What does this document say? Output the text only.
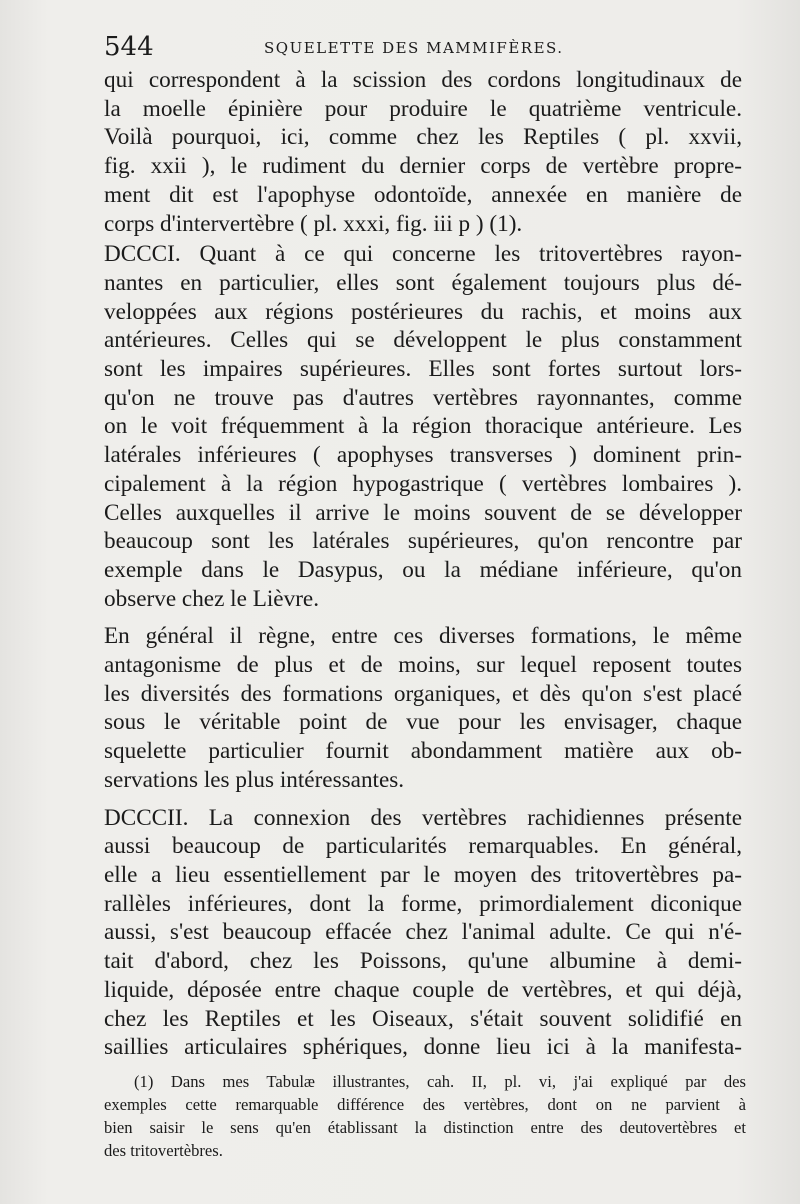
544	SQUELETTE DES MAMMIFÈRES.

qui correspondent à la scission des cordons longitudinaux de
la moelle épinière pour produire le quatrième ventricule.
Voilà pourquoi, ici, comme chez les Reptiles ( pl. xxvii,
fig. xxii ), le rudiment du dernier corps de vertèbre propre-
ment dit est l'apophyse odontoïde, annexée en manière de
corps d'intervertèbre ( pl. xxxi, fig. iii p ) (1).

DCCCI. Quant à ce qui concerne les tritovertèbres rayon-
nantes en particulier, elles sont également toujours plus dé-
veloppées aux régions postérieures du rachis, et moins aux
antérieures. Celles qui se développent le plus constamment
sont les impaires supérieures. Elles sont fortes surtout lors-
qu'on ne trouve pas d'autres vertèbres rayonnantes, comme
on le voit fréquemment à la région thoracique antérieure. Les
latérales inférieures ( apophyses transverses ) dominent prin-
cipalement à la région hypogastrique ( vertèbres lombaires ).
Celles auxquelles il arrive le moins souvent de se développer
beaucoup sont les latérales supérieures, qu'on rencontre par
exemple dans le Dasypus, ou la médiane inférieure, qu'on
observe chez le Lièvre.

En général il règne, entre ces diverses formations, le même
antagonisme de plus et de moins, sur lequel reposent toutes
les diversités des formations organiques, et dès qu'on s'est placé
sous le véritable point de vue pour les envisager, chaque
squelette particulier fournit abondamment matière aux ob-
servations les plus intéressantes.

DCCCII. La connexion des vertèbres rachidiennes présente
aussi beaucoup de particularités remarquables. En général,
elle a lieu essentiellement par le moyen des tritovertèbres pa-
rallèles inférieures, dont la forme, primordialement diconique
aussi, s'est beaucoup effacée chez l'animal adulte. Ce qui n'é-
tait d'abord, chez les Poissons, qu'une albumine à demi-
liquide, déposée entre chaque couple de vertèbres, et qui déjà,
chez les Reptiles et les Oiseaux, s'était souvent solidifié en
saillies articulaires sphériques, donne lieu ici à la manifesta-

(1) Dans mes Tabulæ illustrantes, cah. II, pl. vi, j'ai expliqué par des
exemples cette remarquable différence des vertèbres, dont on ne parvient à
bien saisir le sens qu'en établissant la distinction entre des deutovertèbres et
des tritovertèbres.
